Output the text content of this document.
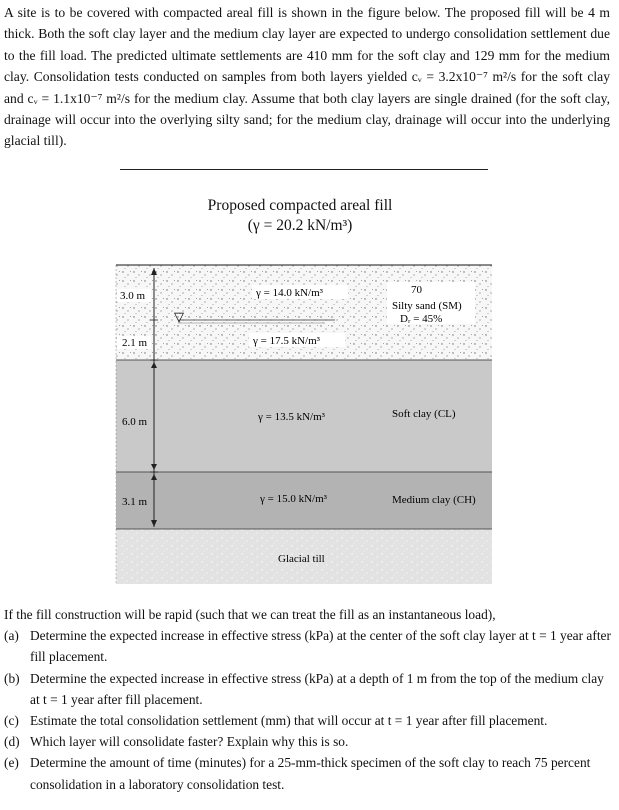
A site is to be covered with compacted areal fill is shown in the figure below. The proposed fill will be 4 m thick. Both the soft clay layer and the medium clay layer are expected to undergo consolidation settlement due to the fill load. The predicted ultimate settlements are 410 mm for the soft clay and 129 mm for the medium clay. Consolidation tests conducted on samples from both layers yielded cᵥ = 3.2x10⁻⁷ m²/s for the soft clay and cᵥ = 1.1x10⁻⁷ m²/s for the medium clay. Assume that both clay layers are single drained (for the soft clay, drainage will occur into the overlying silty sand; for the medium clay, drainage will occur into the underlying glacial till).
Proposed compacted areal fill
(γ = 20.2 kN/m³)
▽
3.0 m
2.1 m
6.0 m
3.1 m
γ = 14.0 kN/m³
γ = 17.5 kN/m³
γ = 13.5 kN/m³
γ = 15.0 kN/m³
70
Silty sand (SM)
Dᵣ = 45%
Soft clay (CL)
Medium clay (CH)
Glacial till
If the fill construction will be rapid (such that we can treat the fill as an instantaneous load),
(a) Determine the expected increase in effective stress (kPa) at the center of the soft clay layer at t = 1 year after fill placement.
(b) Determine the expected increase in effective stress (kPa) at a depth of 1 m from the top of the medium clay at t = 1 year after fill placement.
(c) Estimate the total consolidation settlement (mm) that will occur at t = 1 year after fill placement.
(d) Which layer will consolidate faster? Explain why this is so.
(e) Determine the amount of time (minutes) for a 25-mm-thick specimen of the soft clay to reach 75 percent consolidation in a laboratory consolidation test.
